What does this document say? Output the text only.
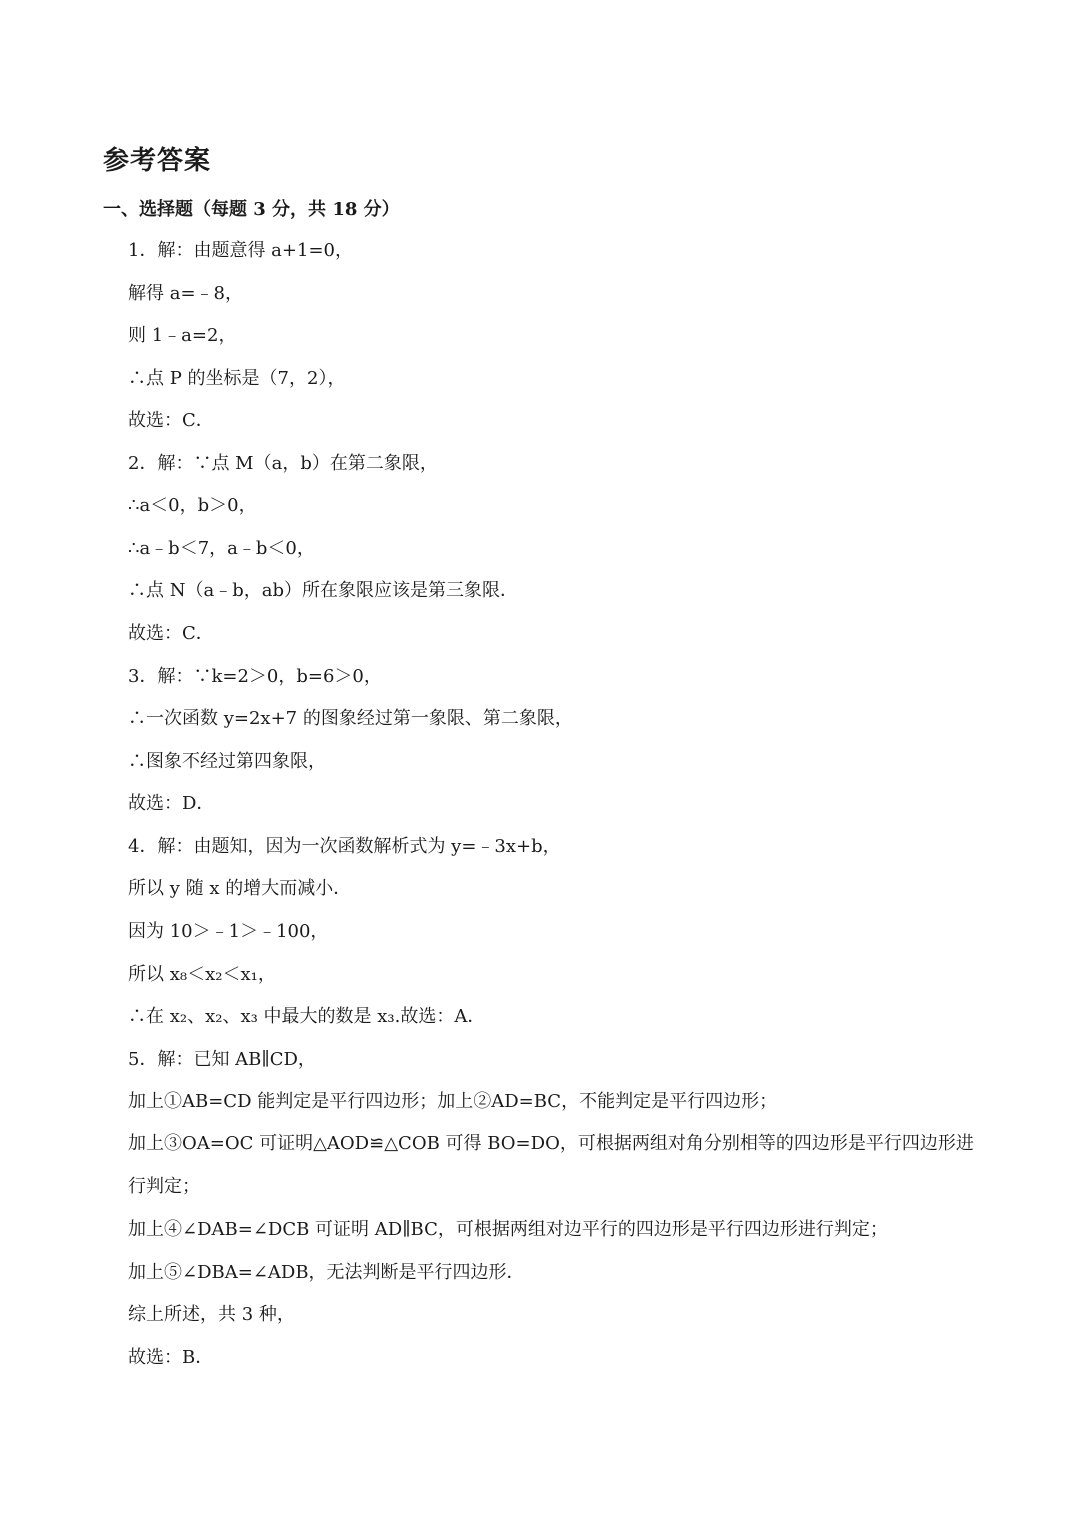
参考答案
一、选择题（每题 3 分，共 18 分）
1．解：由题意得 a+1=0，
解得 a=﹣8，
则 1﹣a=2，
∴点 P 的坐标是（7，2），
故选：C．
2．解：∵点 M（a，b）在第二象限，
∴a＜0，b＞0，
∴a﹣b＜7，a﹣b＜0，
∴点 N（a﹣b，ab）所在象限应该是第三象限．
故选：C．
3．解：∵k=2＞0，b=6＞0，
∴一次函数 y=2x+7 的图象经过第一象限、第二象限，
∴图象不经过第四象限，
故选：D．
4．解：由题知，因为一次函数解析式为 y=﹣3x+b，
所以 y 随 x 的增大而减小．
因为 10＞﹣1＞﹣100，
所以 x₈＜x₂＜x₁，
∴在 x₂、x₂、x₃ 中最大的数是 x₃.故选：A．
5．解：已知 AB∥CD，
加上①AB=CD 能判定是平行四边形；加上②AD=BC，不能判定是平行四边形；
加上③OA=OC 可证明△AOD≌△COB 可得 BO=DO，可根据两组对角分别相等的四边形是平行四边形进行判定；
加上④∠DAB=∠DCB 可证明 AD∥BC，可根据两组对边平行的四边形是平行四边形进行判定；
加上⑤∠DBA=∠ADB，无法判断是平行四边形．
综上所述，共 3 种，
故选：B．
